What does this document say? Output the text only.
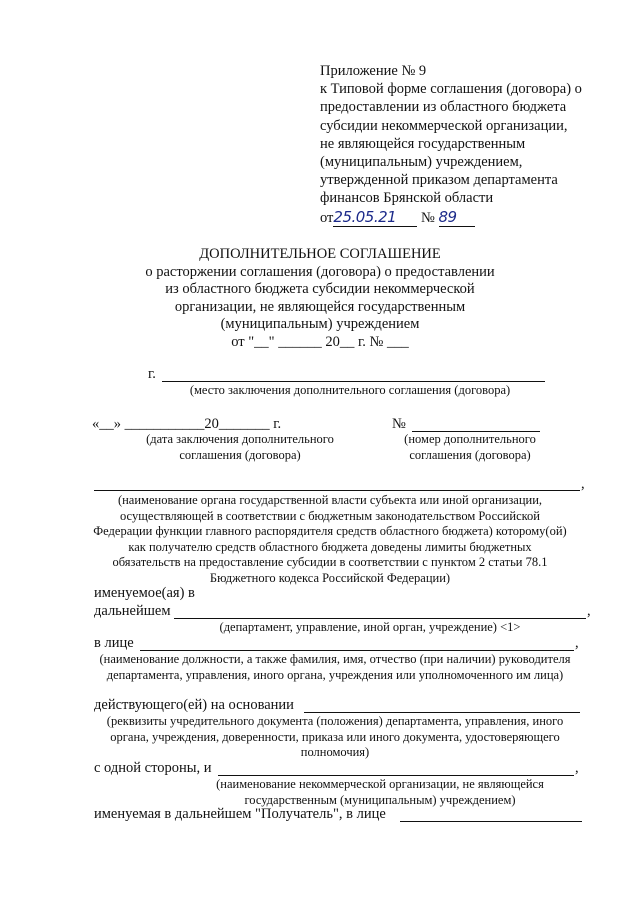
Приложение № 9
к Типовой форме соглашения (договора) о
предоставлении из областного бюджета
субсидии некоммерческой организации,
не являющейся государственным
(муниципальным) учреждением,
утвержденной приказом департамента
финансов Брянской области
от25.05.21 № 89
ДОПОЛНИТЕЛЬНОЕ СОГЛАШЕНИЕ
о расторжении соглашения (договора) о предоставлении
из областного бюджета субсидии некоммерческой
организации, не являющейся государственным
(муниципальным) учреждением
от "__" ______ 20__ г. № ___
г.
(место заключения дополнительного соглашения (договора)
«__» ___________20_______ г.	№
(дата заключения дополнительного
соглашения (договора)
(номер дополнительного
соглашения (договора)
,
(наименование органа государственной власти субъекта или иной организации,
осуществляющей в соответствии с бюджетным законодательством Российской
Федерации функции главного распорядителя средств областного бюджета) которому(ой)
как получателю средств областного бюджета доведены лимиты бюджетных
обязательств на предоставление субсидии в соответствии с пунктом 2 статьи 78.1
Бюджетного кодекса Российской Федерации)
именуемое(ая) в
дальнейшем	,
(департамент, управление, иной орган, учреждение) <1>
в лице	,
(наименование должности, а также фамилия, имя, отчество (при наличии) руководителя
департамента, управления, иного органа, учреждения или уполномоченного им лица)
действующего(ей) на основании
(реквизиты учредительного документа (положения) департамента, управления, иного
органа, учреждения, доверенности, приказа или иного документа, удостоверяющего
полномочия)
с одной стороны, и	,
(наименование некоммерческой организации, не являющейся
государственным (муниципальным) учреждением)
именуемая в дальнейшем "Получатель", в лице
